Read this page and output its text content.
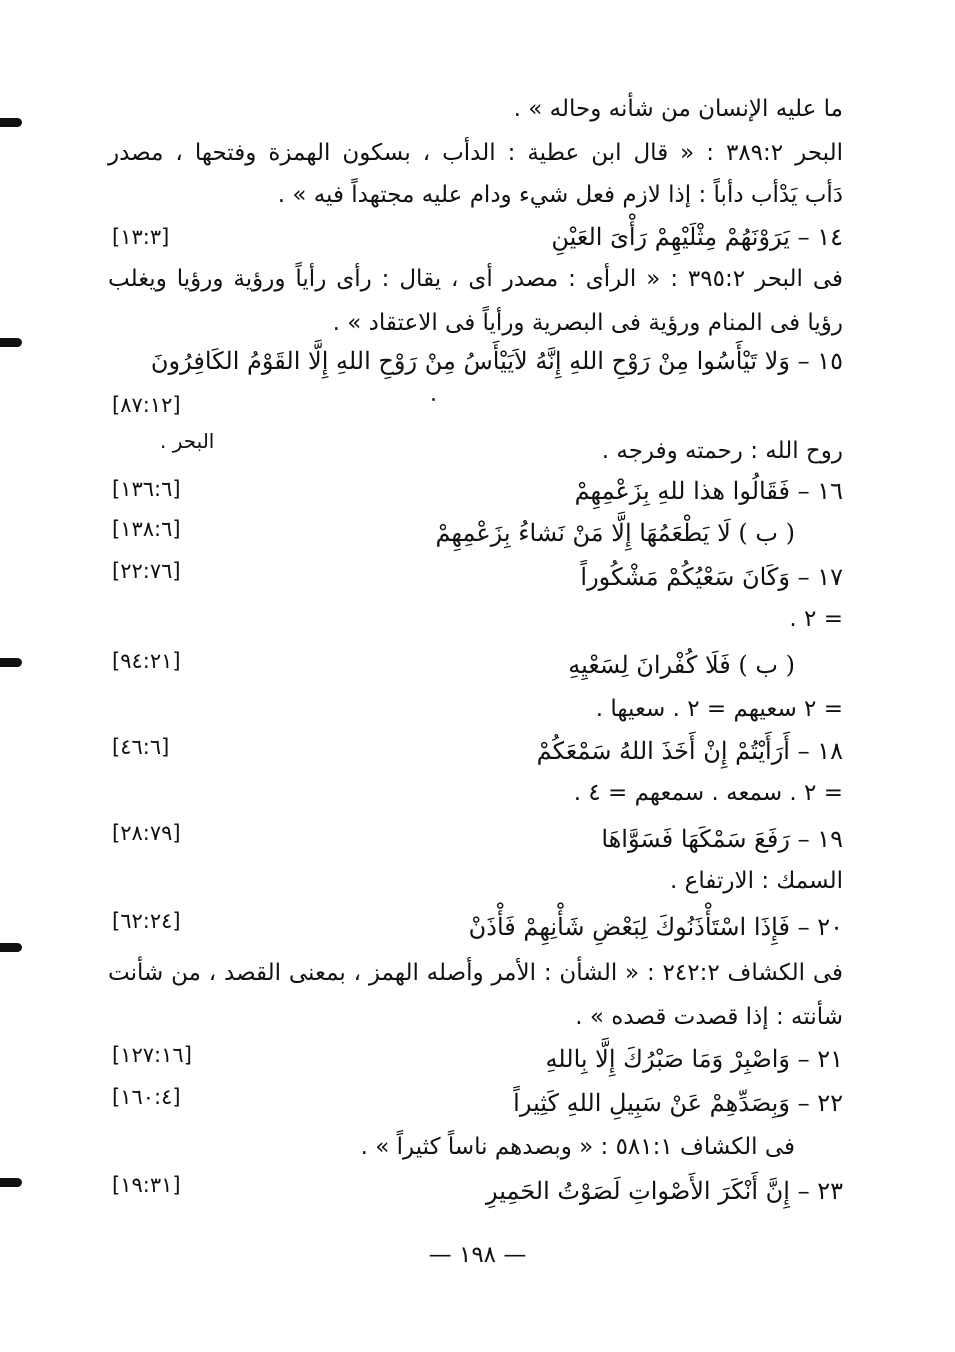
ما عليه الإنسان من شأنه وحاله » .
البحر ٣٨٩:٢ : « قال ابن عطية : الدأب ، بسكون الهمزة وفتحها ، مصدر
دَأب يَدْأب دأباً : إذا لازم فعل شيء ودام عليه مجتهداً فيه » .
١٤ – يَرَوْنَهُمْ مِثْلَيْهِمْ رَأْىَ العَيْنِ
[١٣:٣]
فى البحر ٣٩٥:٢ : « الرأى : مصدر أى ، يقال : رأى رأياً ورؤية ورؤيا ويغلب
رؤيا فى المنام ورؤية فى البصرية ورأياً فى الاعتقاد » .
١٥ – وَلا تَيْأَسُوا مِنْ رَوْحِ اللهِ إِنَّهُ لاَيَيْأَسُ مِنْ رَوْحِ اللهِ إِلَّا القَوْمُ الكَافِرُونَ
[٨٧:١٢]
روح الله : رحمته وفرجه .
البحر .
١٦ – فَقَالُوا هذا للهِ بِزَعْمِهِمْ
[١٣٦:٦]
( ب ) لَا يَطْعَمُهَا إِلَّا مَنْ نَشاءُ بِزَعْمِهِمْ
[١٣٨:٦]
١٧ – وَكَانَ سَعْيُكُمْ مَشْكُوراً
[٢٢:٧٦]
= ٢ .
( ب ) فَلَا كُفْرانَ لِسَعْيِهِ
[٩٤:٢١]
= ٢ سعيهم = ٢ . سعيها .
١٨ – أَرَأَيْتُمْ إِنْ أَخَذَ اللهُ سَمْعَكُمْ
[٤٦:٦]
= ٢ . سمعه . سمعهم = ٤ .
١٩ – رَفَعَ سَمْكَهَا فَسَوَّاهَا
[٢٨:٧٩]
السمك : الارتفاع .
٢٠ – فَإِذَا اسْتَأْذَنُوكَ لِبَعْضِ شَأْنِهِمْ فَأْذَنْ
[٦٢:٢٤]
فى الكشاف ٢٤٢:٢ : « الشأن : الأمر وأصله الهمز ، بمعنى القصد ، من شأنت
شأنته : إذا قصدت قصده » .
٢١ – وَاصْبِرْ وَمَا صَبْرُكَ إِلَّا بِاللهِ
[١٢٧:١٦]
٢٢ – وَبِصَدِّهِمْ عَنْ سَبِيلِ اللهِ كَثِيراً
[١٦٠:٤]
فى الكشاف ٥٨١:١ : « وبصدهم ناساً كثيراً » .
٢٣ – إِنَّ أَنْكَرَ الأَصْواتِ لَصَوْتُ الحَمِيرِ
[١٩:٣١]
— ١٩٨ —
